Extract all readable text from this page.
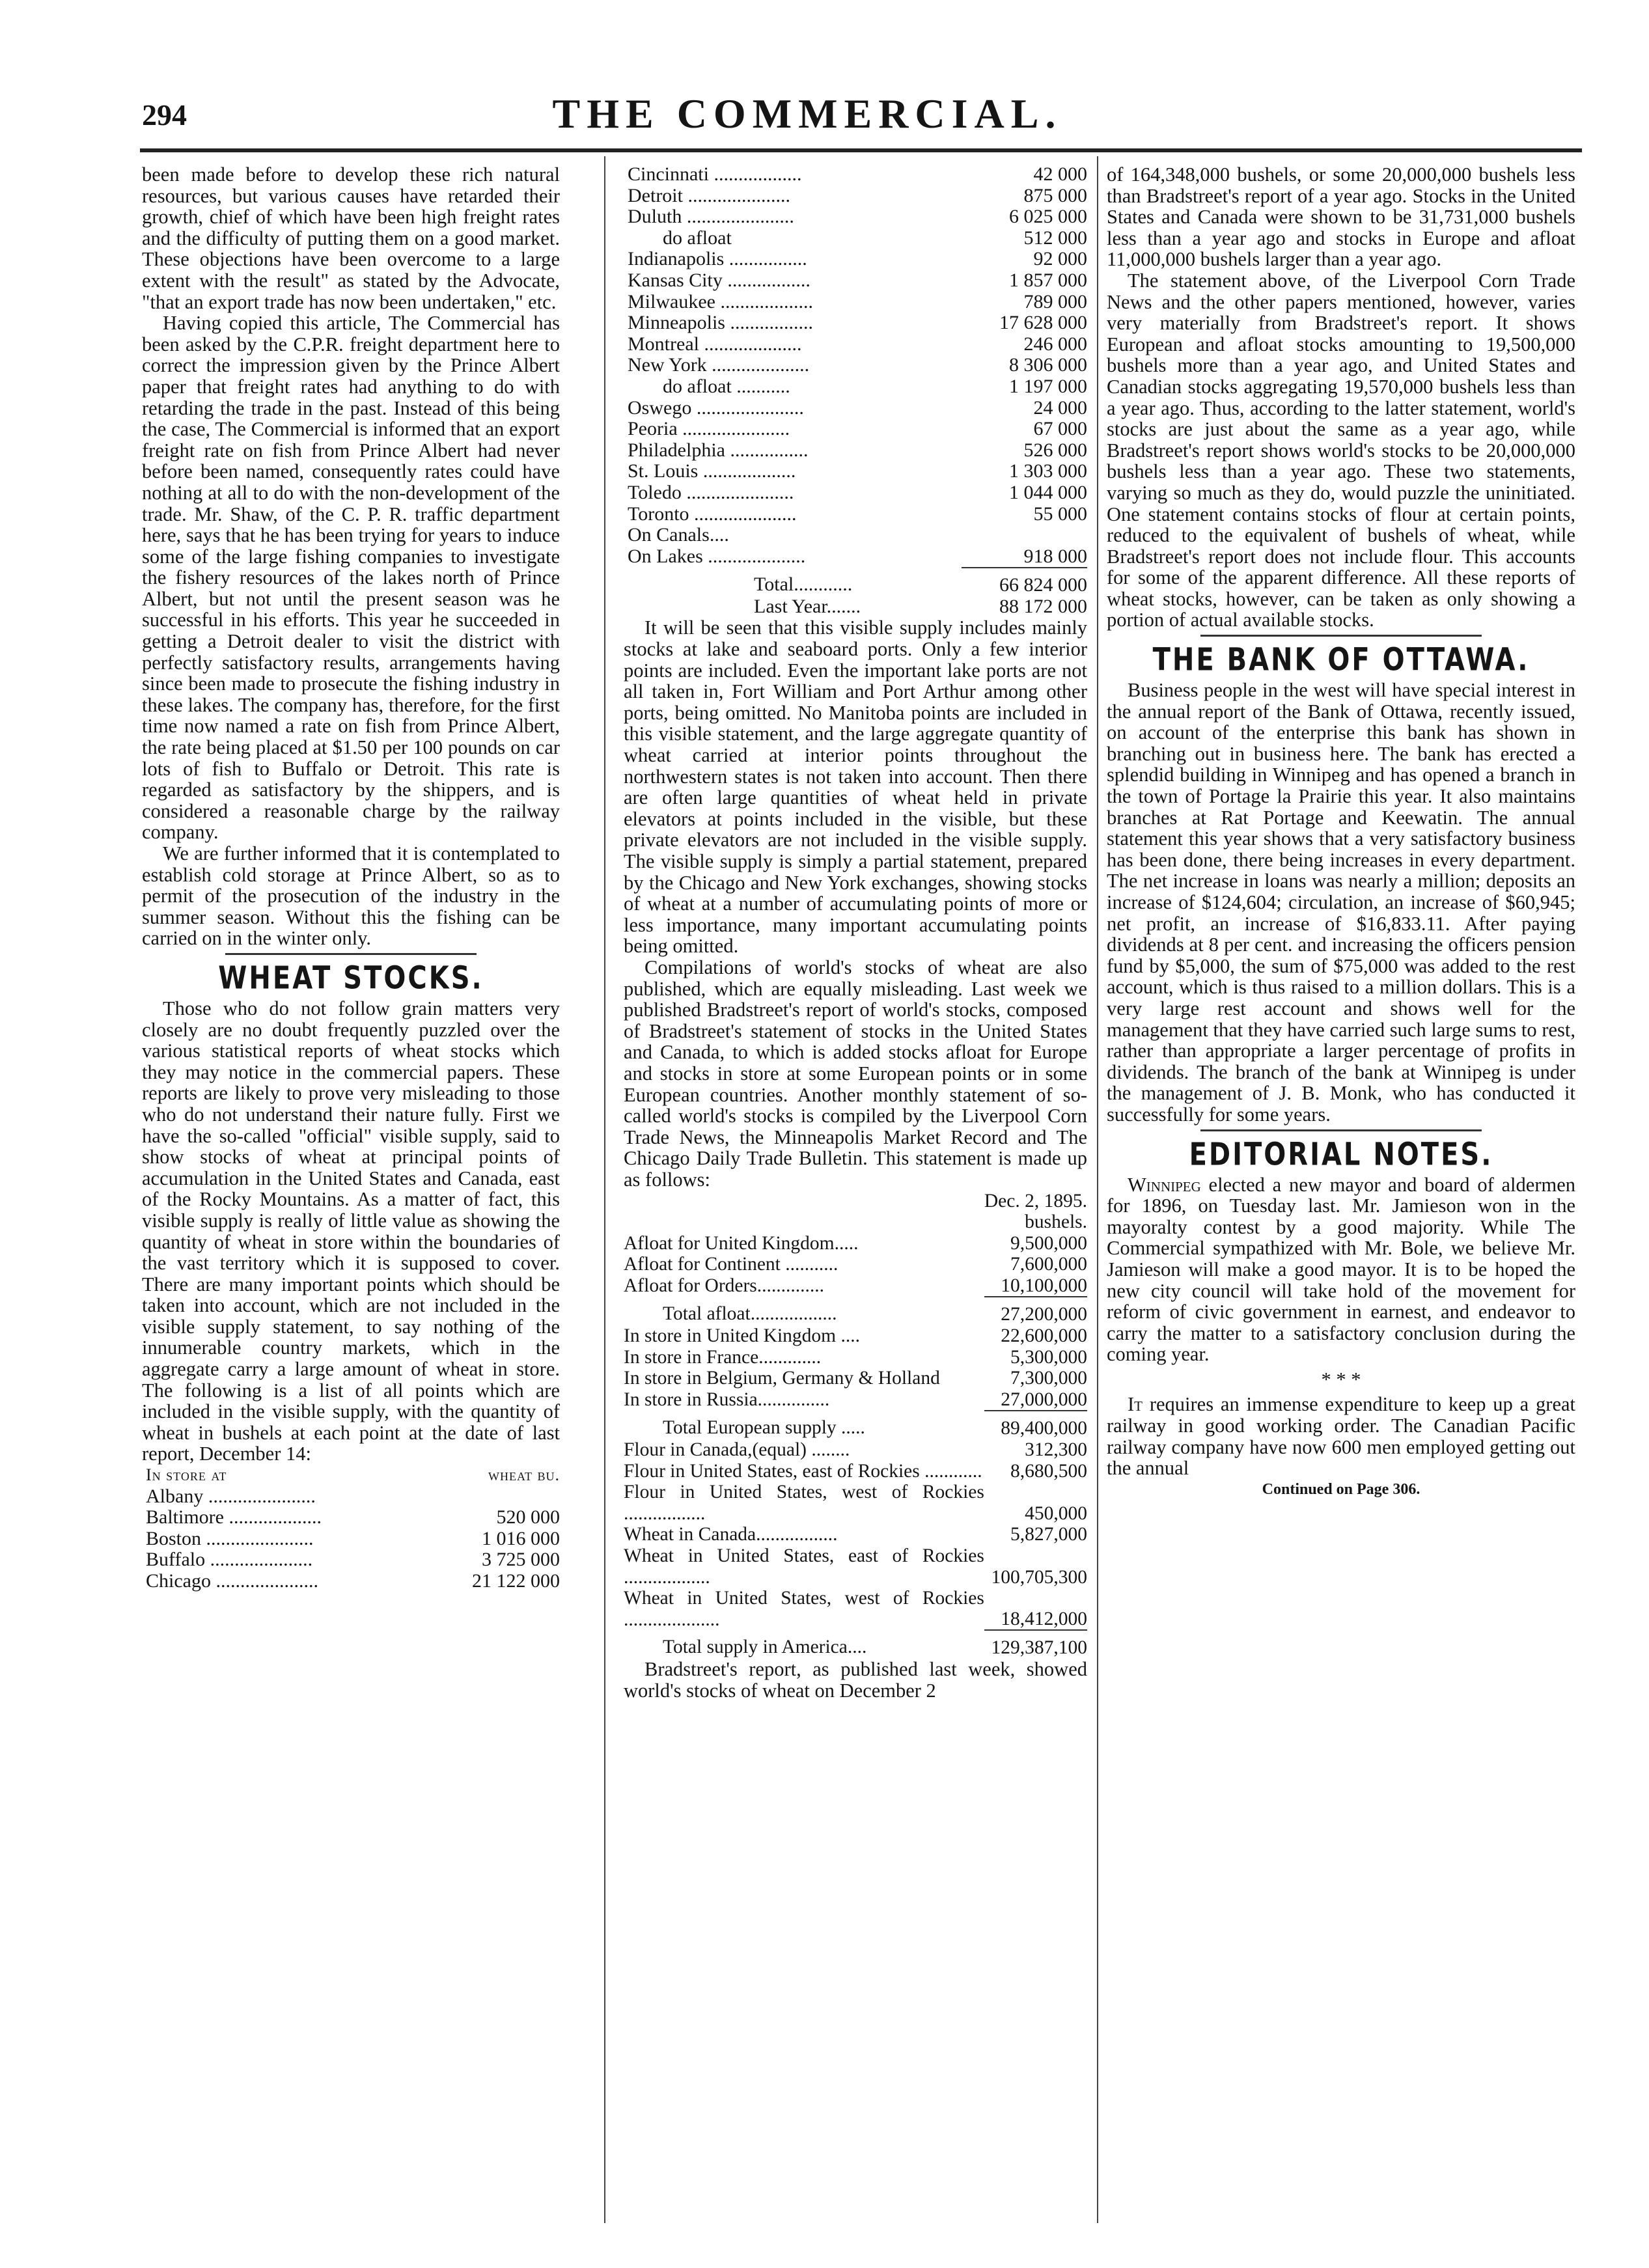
294	THE COMMERCIAL.

been made before to develop these rich natural resources, but various causes have retarded their growth, chief of which have been high freight rates and the difficulty of putting them on a good market. These objections have been overcome to a large extent with the result" as stated by the Advocate, "that an export trade has now been undertaken," etc.

Having copied this article, The Commercial has been asked by the C.P.R. freight department here to correct the impression given by the Prince Albert paper that freight rates had anything to do with retarding the trade in the past. Instead of this being the case, The Commercial is informed that an export freight rate on fish from Prince Albert had never before been named, consequently rates could have nothing at all to do with the non-development of the trade. Mr. Shaw, of the C. P. R. traffic department here, says that he has been trying for years to induce some of the large fishing companies to investigate the fishery resources of the lakes north of Prince Albert, but not until the present season was he successful in his efforts. This year he succeeded in getting a Detroit dealer to visit the district with perfectly satisfactory results, arrangements having since been made to prosecute the fishing industry in these lakes. The company has, therefore, for the first time now named a rate on fish from Prince Albert, the rate being placed at $1.50 per 100 pounds on car lots of fish to Buffalo or Detroit. This rate is regarded as satisfactory by the shippers, and is considered a reasonable charge by the railway company.

We are further informed that it is contemplated to establish cold storage at Prince Albert, so as to permit of the prosecution of the industry in the summer season. Without this the fishing can be carried on in the winter only.

WHEAT STOCKS.

Those who do not follow grain matters very closely are no doubt frequently puzzled over the various statistical reports of wheat stocks which they may notice in the commercial papers. These reports are likely to prove very misleading to those who do not understand their nature fully. First we have the so-called "official" visible supply, said to show stocks of wheat at principal points of accumulation in the United States and Canada, east of the Rocky Mountains. As a matter of fact, this visible supply is really of little value as showing the quantity of wheat in store within the boundaries of the vast territory which it is supposed to cover. There are many important points which should be taken into account, which are not included in the visible supply statement, to say nothing of the innumerable country markets, which in the aggregate carry a large amount of wheat in store. The following is a list of all points which are included in the visible supply, with the quantity of wheat in bushels at each point at the date of last report, December 14:

In store at	wheat bu.
Albany ......................	
Baltimore ...................	520 000
Boston ......................	1 016 000
Buffalo .....................	3 725 000
Chicago .....................	21 122 000
Cincinnati ..................	42 000
Detroit .....................	875 000
Duluth ......................	6 025 000
do afloat	512 000
Indianapolis ................	92 000
Kansas City .................	1 857 000
Milwaukee ...................	789 000
Minneapolis .................	17 628 000
Montreal ....................	246 000
New York ....................	8 306 000
do afloat ...........	1 197 000
Oswego ......................	24 000
Peoria ......................	67 000
Philadelphia ................	526 000
St. Louis ...................	1 303 000
Toledo ......................	1 044 000
Toronto .....................	55 000
On Canals....	
On Lakes ....................	918 000
Total............	66 824 000
Last Year.......	88 172 000

It will be seen that this visible supply includes mainly stocks at lake and seaboard ports. Only a few interior points are included. Even the important lake ports are not all taken in, Fort William and Port Arthur among other ports, being omitted. No Manitoba points are included in this visible statement, and the large aggregate quantity of wheat carried at interior points throughout the northwestern states is not taken into account. Then there are often large quantities of wheat held in private elevators at points included in the visible, but these private elevators are not included in the visible supply. The visible supply is simply a partial statement, prepared by the Chicago and New York exchanges, showing stocks of wheat at a number of accumulating points of more or less importance, many important accumulating points being omitted.

Compilations of world's stocks of wheat are also published, which are equally misleading. Last week we published Bradstreet's report of world's stocks, composed of Bradstreet's statement of stocks in the United States and Canada, to which is added stocks afloat for Europe and stocks in store at some European points or in some European countries. Another monthly statement of so-called world's stocks is compiled by the Liverpool Corn Trade News, the Minneapolis Market Record and The Chicago Daily Trade Bulletin. This statement is made up as follows:

	Dec. 2, 1895.
	bushels.
Afloat for United Kingdom.....	9,500,000
Afloat for Continent ...........	7,600,000
Afloat for Orders..............	10,100,000
Total afloat..................	27,200,000
In store in United Kingdom ....	22,600,000
In store in France.............	5,300,000
In store in Belgium, Germany & Holland	7,300,000
In store in Russia...............	27,000,000
Total European supply .....	89,400,000
Flour in Canada,(equal) ........	312,300
Flour in United States, east of Rockies ............	8,680,500
Flour in United States, west of Rockies .................	450,000
Wheat in Canada.................	5,827,000
Wheat in United States, east of Rockies ..................	100,705,300
Wheat in United States, west of Rockies ....................	18,412,000
Total supply in America....	129,387,100

Bradstreet's report, as published last week, showed world's stocks of wheat on December 2

of 164,348,000 bushels, or some 20,000,000 bushels less than Bradstreet's report of a year ago. Stocks in the United States and Canada were shown to be 31,731,000 bushels less than a year ago and stocks in Europe and afloat 11,000,000 bushels larger than a year ago.

The statement above, of the Liverpool Corn Trade News and the other papers mentioned, however, varies very materially from Bradstreet's report. It shows European and afloat stocks amounting to 19,500,000 bushels more than a year ago, and United States and Canadian stocks aggregating 19,570,000 bushels less than a year ago. Thus, according to the latter statement, world's stocks are just about the same as a year ago, while Bradstreet's report shows world's stocks to be 20,000,000 bushels less than a year ago. These two statements, varying so much as they do, would puzzle the uninitiated. One statement contains stocks of flour at certain points, reduced to the equivalent of bushels of wheat, while Bradstreet's report does not include flour. This accounts for some of the apparent difference. All these reports of wheat stocks, however, can be taken as only showing a portion of actual available stocks.

THE BANK OF OTTAWA.

Business people in the west will have special interest in the annual report of the Bank of Ottawa, recently issued, on account of the enterprise this bank has shown in branching out in business here. The bank has erected a splendid building in Winnipeg and has opened a branch in the town of Portage la Prairie this year. It also maintains branches at Rat Portage and Keewatin. The annual statement this year shows that a very satisfactory business has been done, there being increases in every department. The net increase in loans was nearly a million; deposits an increase of $124,604; circulation, an increase of $60,945; net profit, an increase of $16,833.11. After paying dividends at 8 per cent. and increasing the officers pension fund by $5,000, the sum of $75,000 was added to the rest account, which is thus raised to a million dollars. This is a very large rest account and shows well for the management that they have carried such large sums to rest, rather than appropriate a larger percentage of profits in dividends. The branch of the bank at Winnipeg is under the management of J. B. Monk, who has conducted it successfully for some years.

EDITORIAL NOTES.

Winnipeg elected a new mayor and board of aldermen for 1896, on Tuesday last. Mr. Jamieson won in the mayoralty contest by a good majority. While The Commercial sympathized with Mr. Bole, we believe Mr. Jamieson will make a good mayor. It is to be hoped the new city council will take hold of the movement for reform of civic government in earnest, and endeavor to carry the matter to a satisfactory conclusion during the coming year.

* * *

It requires an immense expenditure to keep up a great railway in good working order. The Canadian Pacific railway company have now 600 men employed getting out the annual

Continued on Page 306.
